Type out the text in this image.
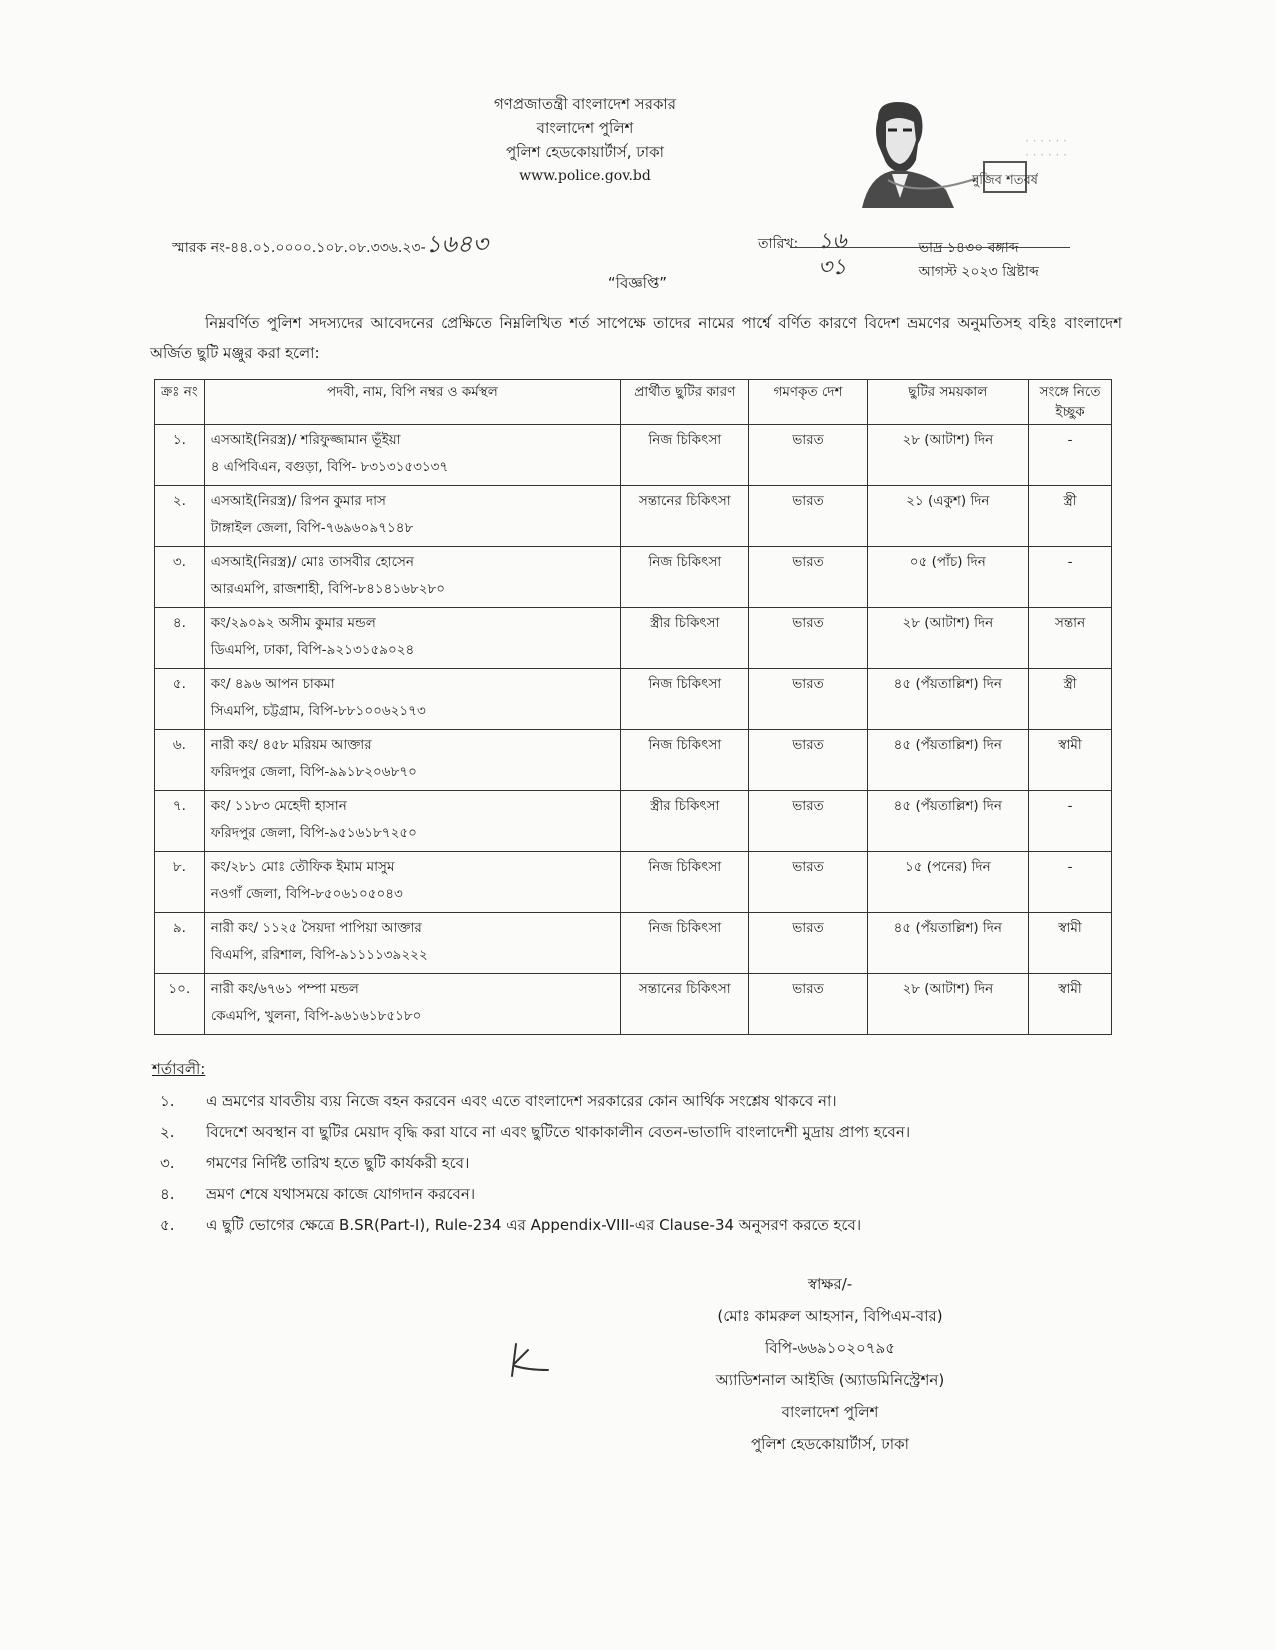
গণপ্রজাতন্ত্রী বাংলাদেশ সরকার
বাংলাদেশ পুলিশ
পুলিশ হেডকোয়ার্টার্স, ঢাকা
www.police.gov.bd	মুজিব শতবর্ষ
· · · · · ·
· · · · · ·
স্মারক নং-৪৪.০১.০০০০.১০৮.০৮.৩৩৬.২৩-১৬৪৩	তারিখ: ১৬	ভাদ্র ১৪৩০ বঙ্গাব্দ
৩১	আগস্ট ২০২৩ খ্রিষ্টাব্দ
“বিজ্ঞপ্তি”
নিম্নবর্ণিত পুলিশ সদস্যদের আবেদনের প্রেক্ষিতে নিম্নলিখিত শর্ত সাপেক্ষে তাদের নামের পার্শ্বে বর্ণিত কারণে বিদেশ ভ্রমণের অনুমতিসহ বহিঃ বাংলাদেশ অর্জিত ছুটি মঞ্জুর করা হলো:
ক্রঃ নং	পদবী, নাম, বিপি নম্বর ও কর্মস্থল	প্রার্থীত ছুটির কারণ	গমণকৃত দেশ	ছুটির সময়কাল	সংঙ্গে নিতে ইচ্ছুক

১.	এসআই(নিরস্ত্র)/ শরিফুজ্জামান ভূঁইয়া
৪ এপিবিএন, বগুড়া, বিপি- ৮৩১৩১৫৩১৩৭	নিজ চিকিৎসা	ভারত	২৮ (আটাশ) দিন	-

২.	এসআই(নিরস্ত্র)/ রিপন কুমার দাস
টাঙ্গাইল জেলা, বিপি-৭৬৯৬০৯৭১৪৮	সন্তানের চিকিৎসা	ভারত	২১ (একুশ) দিন	স্ত্রী

৩.	এসআই(নিরস্ত্র)/ মোঃ তাসবীর হোসেন
আরএমপি, রাজশাহী, বিপি-৮৪১৪১৬৮২৮০	নিজ চিকিৎসা	ভারত	০৫ (পাঁচ) দিন	-

৪.	কং/২৯০৯২ অসীম কুমার মন্ডল
ডিএমপি, ঢাকা, বিপি-৯২১৩১৫৯০২৪	স্ত্রীর চিকিৎসা	ভারত	২৮ (আটাশ) দিন	সন্তান

৫.	কং/ ৪৯৬ আপন চাকমা
সিএমপি, চট্টগ্রাম, বিপি-৮৮১০০৬২১৭৩	নিজ চিকিৎসা	ভারত	৪৫ (পঁয়তাল্লিশ) দিন	স্ত্রী

৬.	নারী কং/ ৪৫৮ মরিয়ম আক্তার
ফরিদপুর জেলা, বিপি-৯৯১৮২০৬৮৭০	নিজ চিকিৎসা	ভারত	৪৫ (পঁয়তাল্লিশ) দিন	স্বামী

৭.	কং/ ১১৮৩ মেহেদী হাসান
ফরিদপুর জেলা, বিপি-৯৫১৬১৮৭২৫০	স্ত্রীর চিকিৎসা	ভারত	৪৫ (পঁয়তাল্লিশ) দিন	-

৮.	কং/২৮১ মোঃ তৌফিক ইমাম মাসুম
নওগাঁ জেলা, বিপি-৮৫০৬১০৫০৪৩	নিজ চিকিৎসা	ভারত	১৫ (পনের) দিন	-

৯.	নারী কং/ ১১২৫ সৈয়দা পাপিয়া আক্তার
বিএমপি, ররিশাল, বিপি-৯১১১১৩৯২২২	নিজ চিকিৎসা	ভারত	৪৫ (পঁয়তাল্লিশ) দিন	স্বামী

১০.	নারী কং/৬৭৬১ পম্পা মন্ডল
কেএমপি, খুলনা, বিপি-৯৬১৬১৮৫১৮০	সন্তানের চিকিৎসা	ভারত	২৮ (আটাশ) দিন	স্বামী
শর্তাবলী:
১.	এ ভ্রমণের যাবতীয় ব্যয় নিজে বহন করবেন এবং এতে বাংলাদেশ সরকারের কোন আর্থিক সংশ্লেষ থাকবে না।
২.	বিদেশে অবস্থান বা ছুটির মেয়াদ বৃদ্ধি করা যাবে না এবং ছুটিতে থাকাকালীন বেতন-ভাতাদি বাংলাদেশী মুদ্রায় প্রাপ্য হবেন।
৩.	গমণের নির্দিষ্ট তারিখ হতে ছুটি কার্যকরী হবে।
৪.	ভ্রমণ শেষে যথাসময়ে কাজে যোগদান করবেন।
৫.	এ ছুটি ভোগের ক্ষেত্রে B.SR(Part-I), Rule-234 এর Appendix-VIII-এর Clause-34 অনুসরণ করতে হবে।
স্বাক্ষর/-
(মোঃ কামরুল আহসান, বিপিএম-বার)
বিপি-৬৬৯১০২০৭৯৫
অ্যাডিশনাল আইজি (অ্যাডমিনিস্ট্রেশন)
বাংলাদেশ পুলিশ
পুলিশ হেডকোয়ার্টার্স, ঢাকা
